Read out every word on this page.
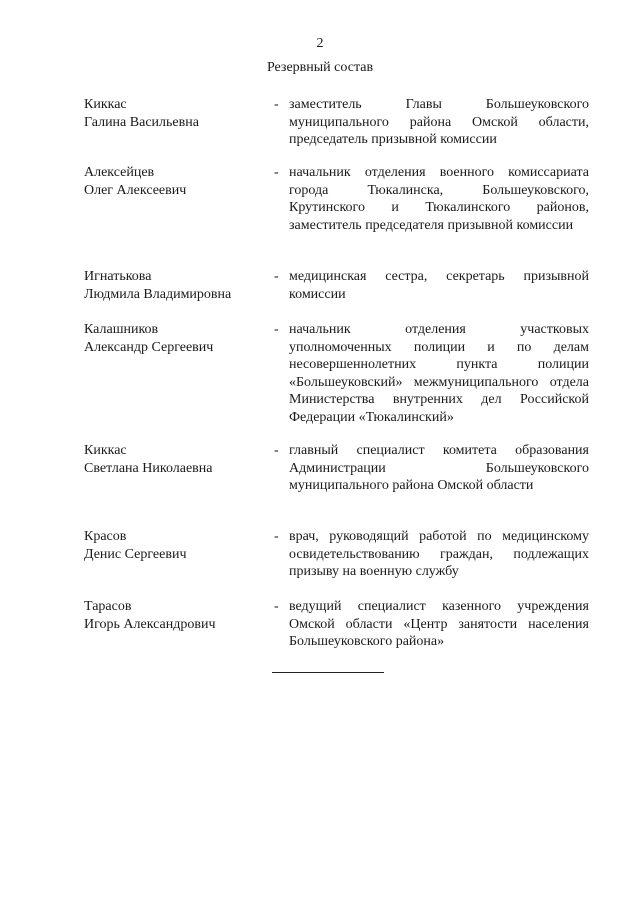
2
Резервный состав
Киккас
Галина Васильевна
- заместитель Главы Большеуковского муниципального района Омской области, председатель призывной комиссии
Алексейцев
Олег Алексеевич
- начальник отделения военного комиссариата города Тюкалинска, Большеуковского, Крутинского и Тюкалинского районов, заместитель председателя призывной комиссии
Игнатькова
Людмила Владимировна
- медицинская сестра, секретарь призывной комиссии
Калашников
Александр Сергеевич
- начальник отделения участковых уполномоченных полиции и по делам несовершеннолетних пункта полиции «Большеуковский» межмуниципального отдела Министерства внутренних дел Российской Федерации «Тюкалинский»
Киккас
Светлана Николаевна
- главный специалист комитета образования Администрации Большеуковского муниципального района Омской области
Красов
Денис Сергеевич
- врач, руководящий работой по медицинскому освидетельствованию граждан, подлежащих призыву на военную службу
Тарасов
Игорь Александрович
- ведущий специалист казенного учреждения Омской области «Центр занятости населения Большеуковского района»
